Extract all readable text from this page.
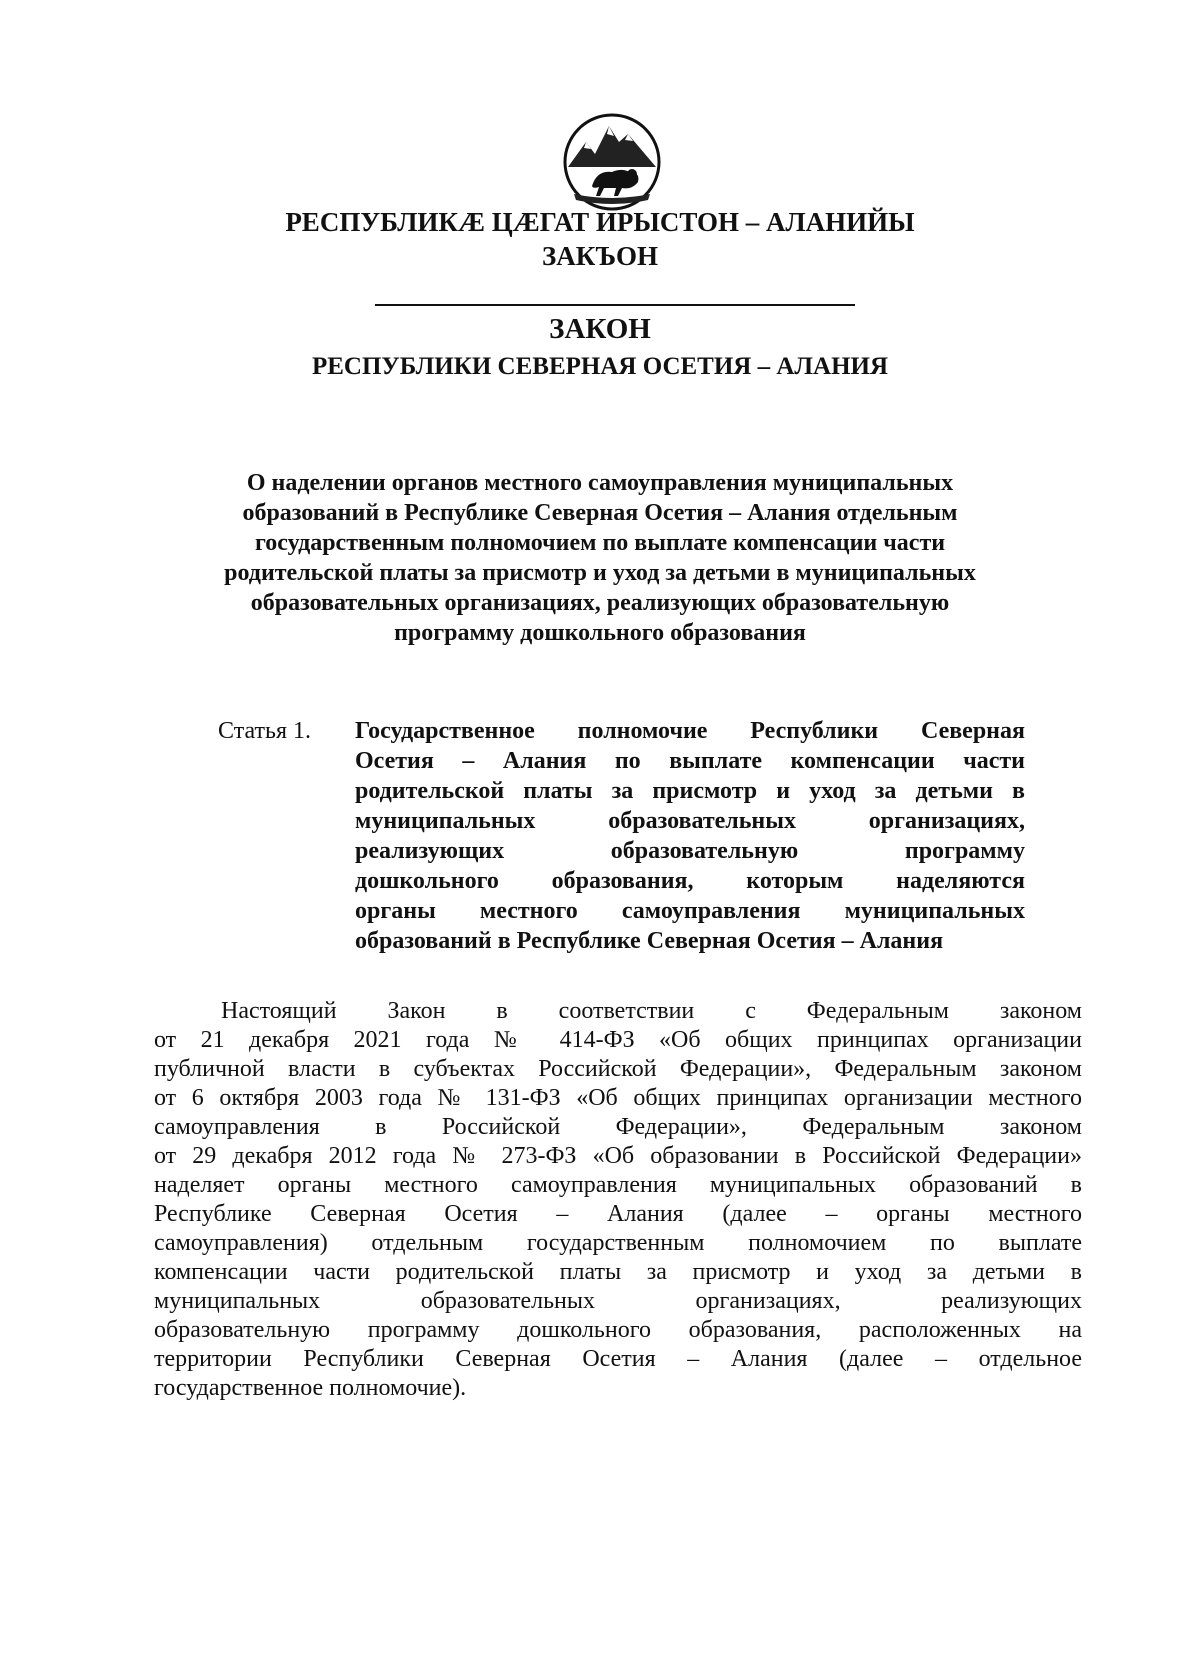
РЕСПУБЛИКӔ ЦӔГАТ ИРЫСТОН – АЛАНИЙЫ
ЗАКЪОН
ЗАКОН
РЕСПУБЛИКИ СЕВЕРНАЯ ОСЕТИЯ – АЛАНИЯ
О наделении органов местного самоуправления муниципальных
образований в Республике Северная Осетия – Алания отдельным
государственным полномочием по выплате компенсации части
родительской платы за присмотр и уход за детьми в муниципальных
образовательных организациях, реализующих образовательную
программу дошкольного образования
Статья 1. Государственное полномочие Республики Северная
Осетия – Алания по выплате компенсации части
родительской платы за присмотр и уход за детьми в
муниципальных образовательных организациях,
реализующих образовательную программу
дошкольного образования, которым наделяются
органы местного самоуправления муниципальных
образований в Республике Северная Осетия – Алания
Настоящий Закон в соответствии с Федеральным законом
от 21 декабря 2021 года № 414-ФЗ «Об общих принципах организации
публичной власти в субъектах Российской Федерации», Федеральным законом
от 6 октября 2003 года № 131-ФЗ «Об общих принципах организации местного
самоуправления в Российской Федерации», Федеральным законом
от 29 декабря 2012 года № 273-ФЗ «Об образовании в Российской Федерации»
наделяет органы местного самоуправления муниципальных образований в
Республике Северная Осетия – Алания (далее – органы местного
самоуправления) отдельным государственным полномочием по выплате
компенсации части родительской платы за присмотр и уход за детьми в
муниципальных образовательных организациях, реализующих
образовательную программу дошкольного образования, расположенных на
территории Республики Северная Осетия – Алания (далее – отдельное
государственное полномочие).
